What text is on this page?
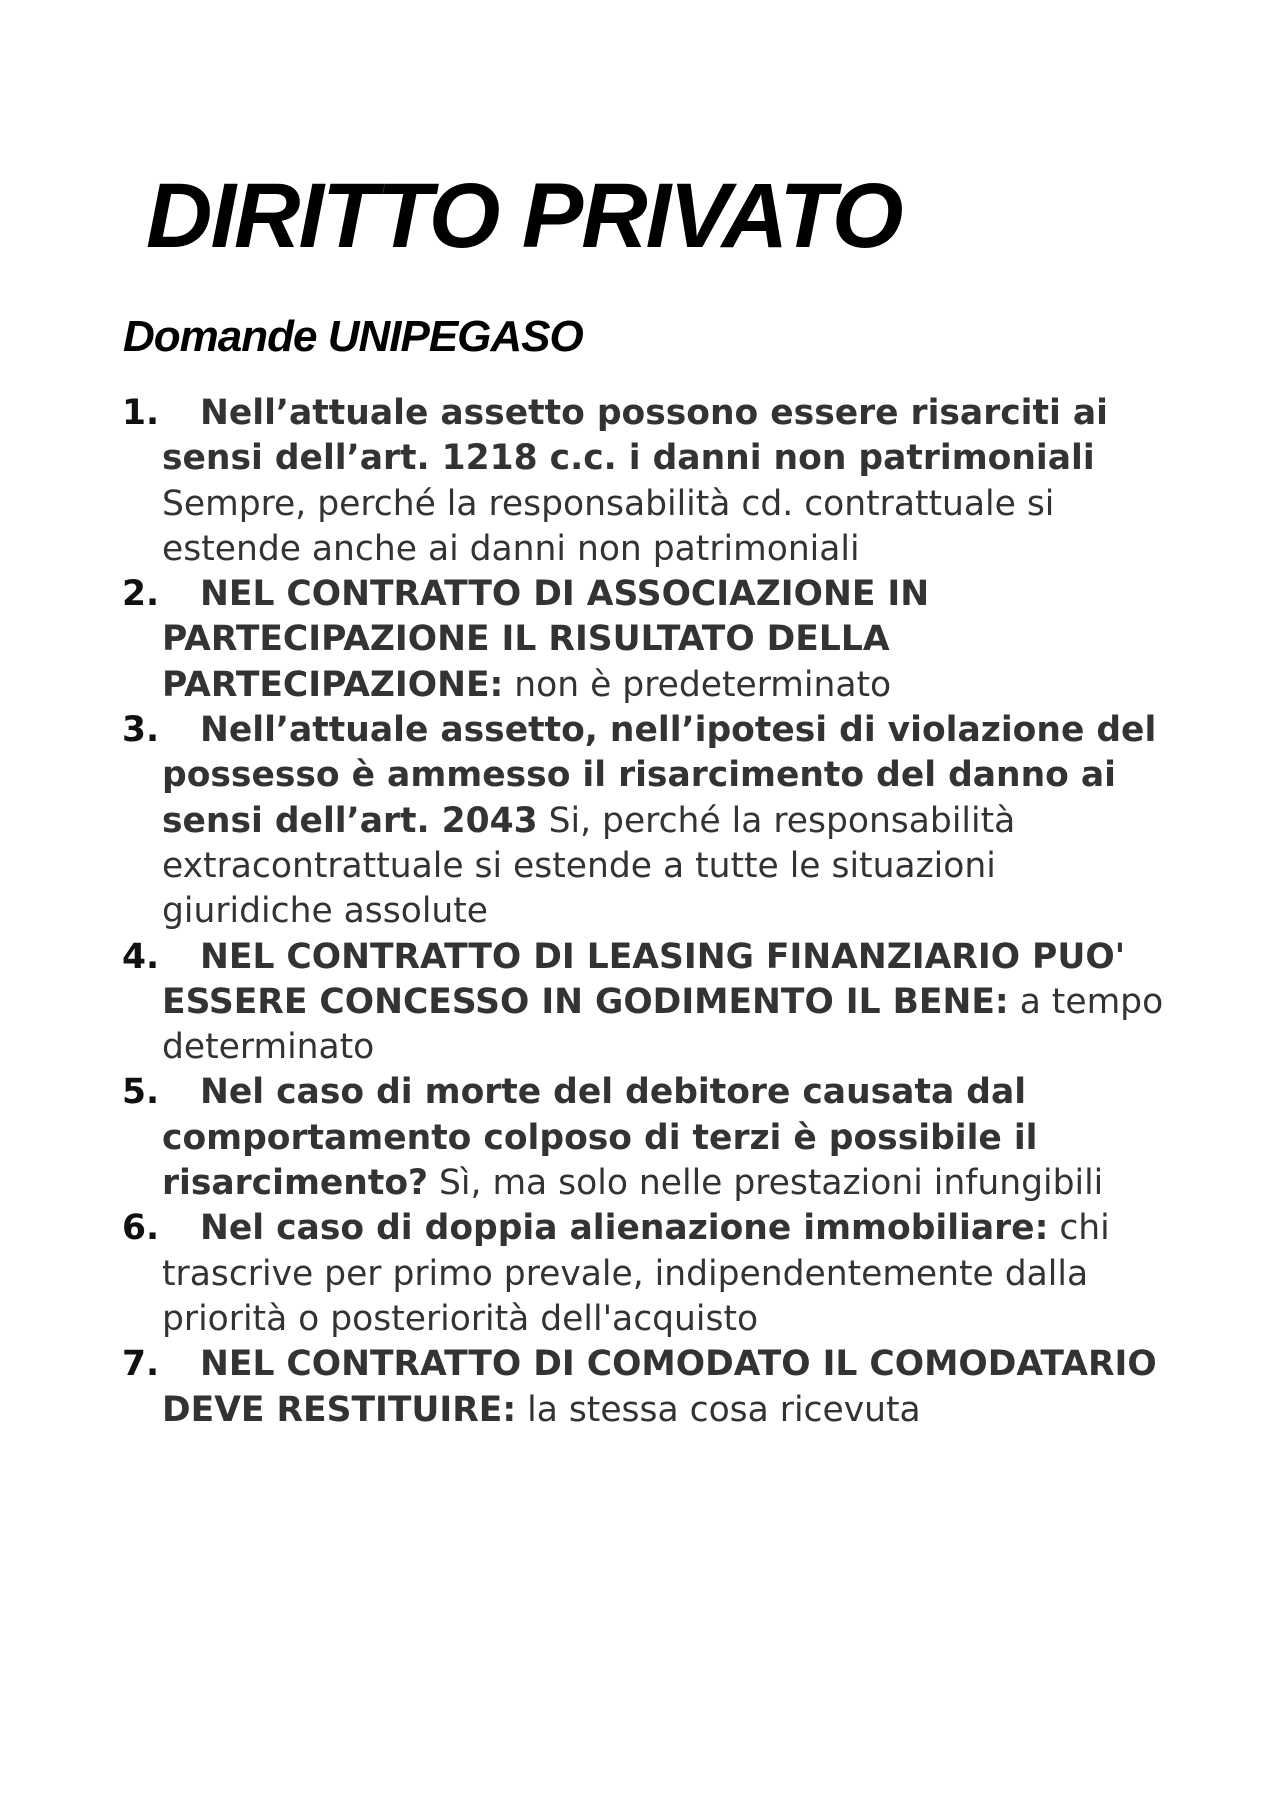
DIRITTO PRIVATO
Domande UNIPEGASO
1.	Nell’attuale assetto possono essere risarciti ai sensi dell’art. 1218 c.c. i danni non patrimoniali Sempre, perché la responsabilità cd. contrattuale si estende anche ai danni non patrimoniali
2.	NEL CONTRATTO DI ASSOCIAZIONE IN PARTECIPAZIONE IL RISULTATO DELLA PARTECIPAZIONE: non è predeterminato
3.	Nell’attuale assetto, nell’ipotesi di violazione del possesso è ammesso il risarcimento del danno ai sensi dell’art. 2043 Si, perché la responsabilità extracontrattuale si estende a tutte le situazioni giuridiche assolute
4.	NEL CONTRATTO DI LEASING FINANZIARIO PUO' ESSERE CONCESSO IN GODIMENTO IL BENE: a tempo determinato
5.	Nel caso di morte del debitore causata dal comportamento colposo di terzi è possibile il risarcimento? Sì, ma solo nelle prestazioni infungibili
6.	Nel caso di doppia alienazione immobiliare: chi trascrive per primo prevale, indipendentemente dalla priorità o posteriorità dell'acquisto
7.	NEL CONTRATTO DI COMODATO IL COMODATARIO DEVE RESTITUIRE: la stessa cosa ricevuta
